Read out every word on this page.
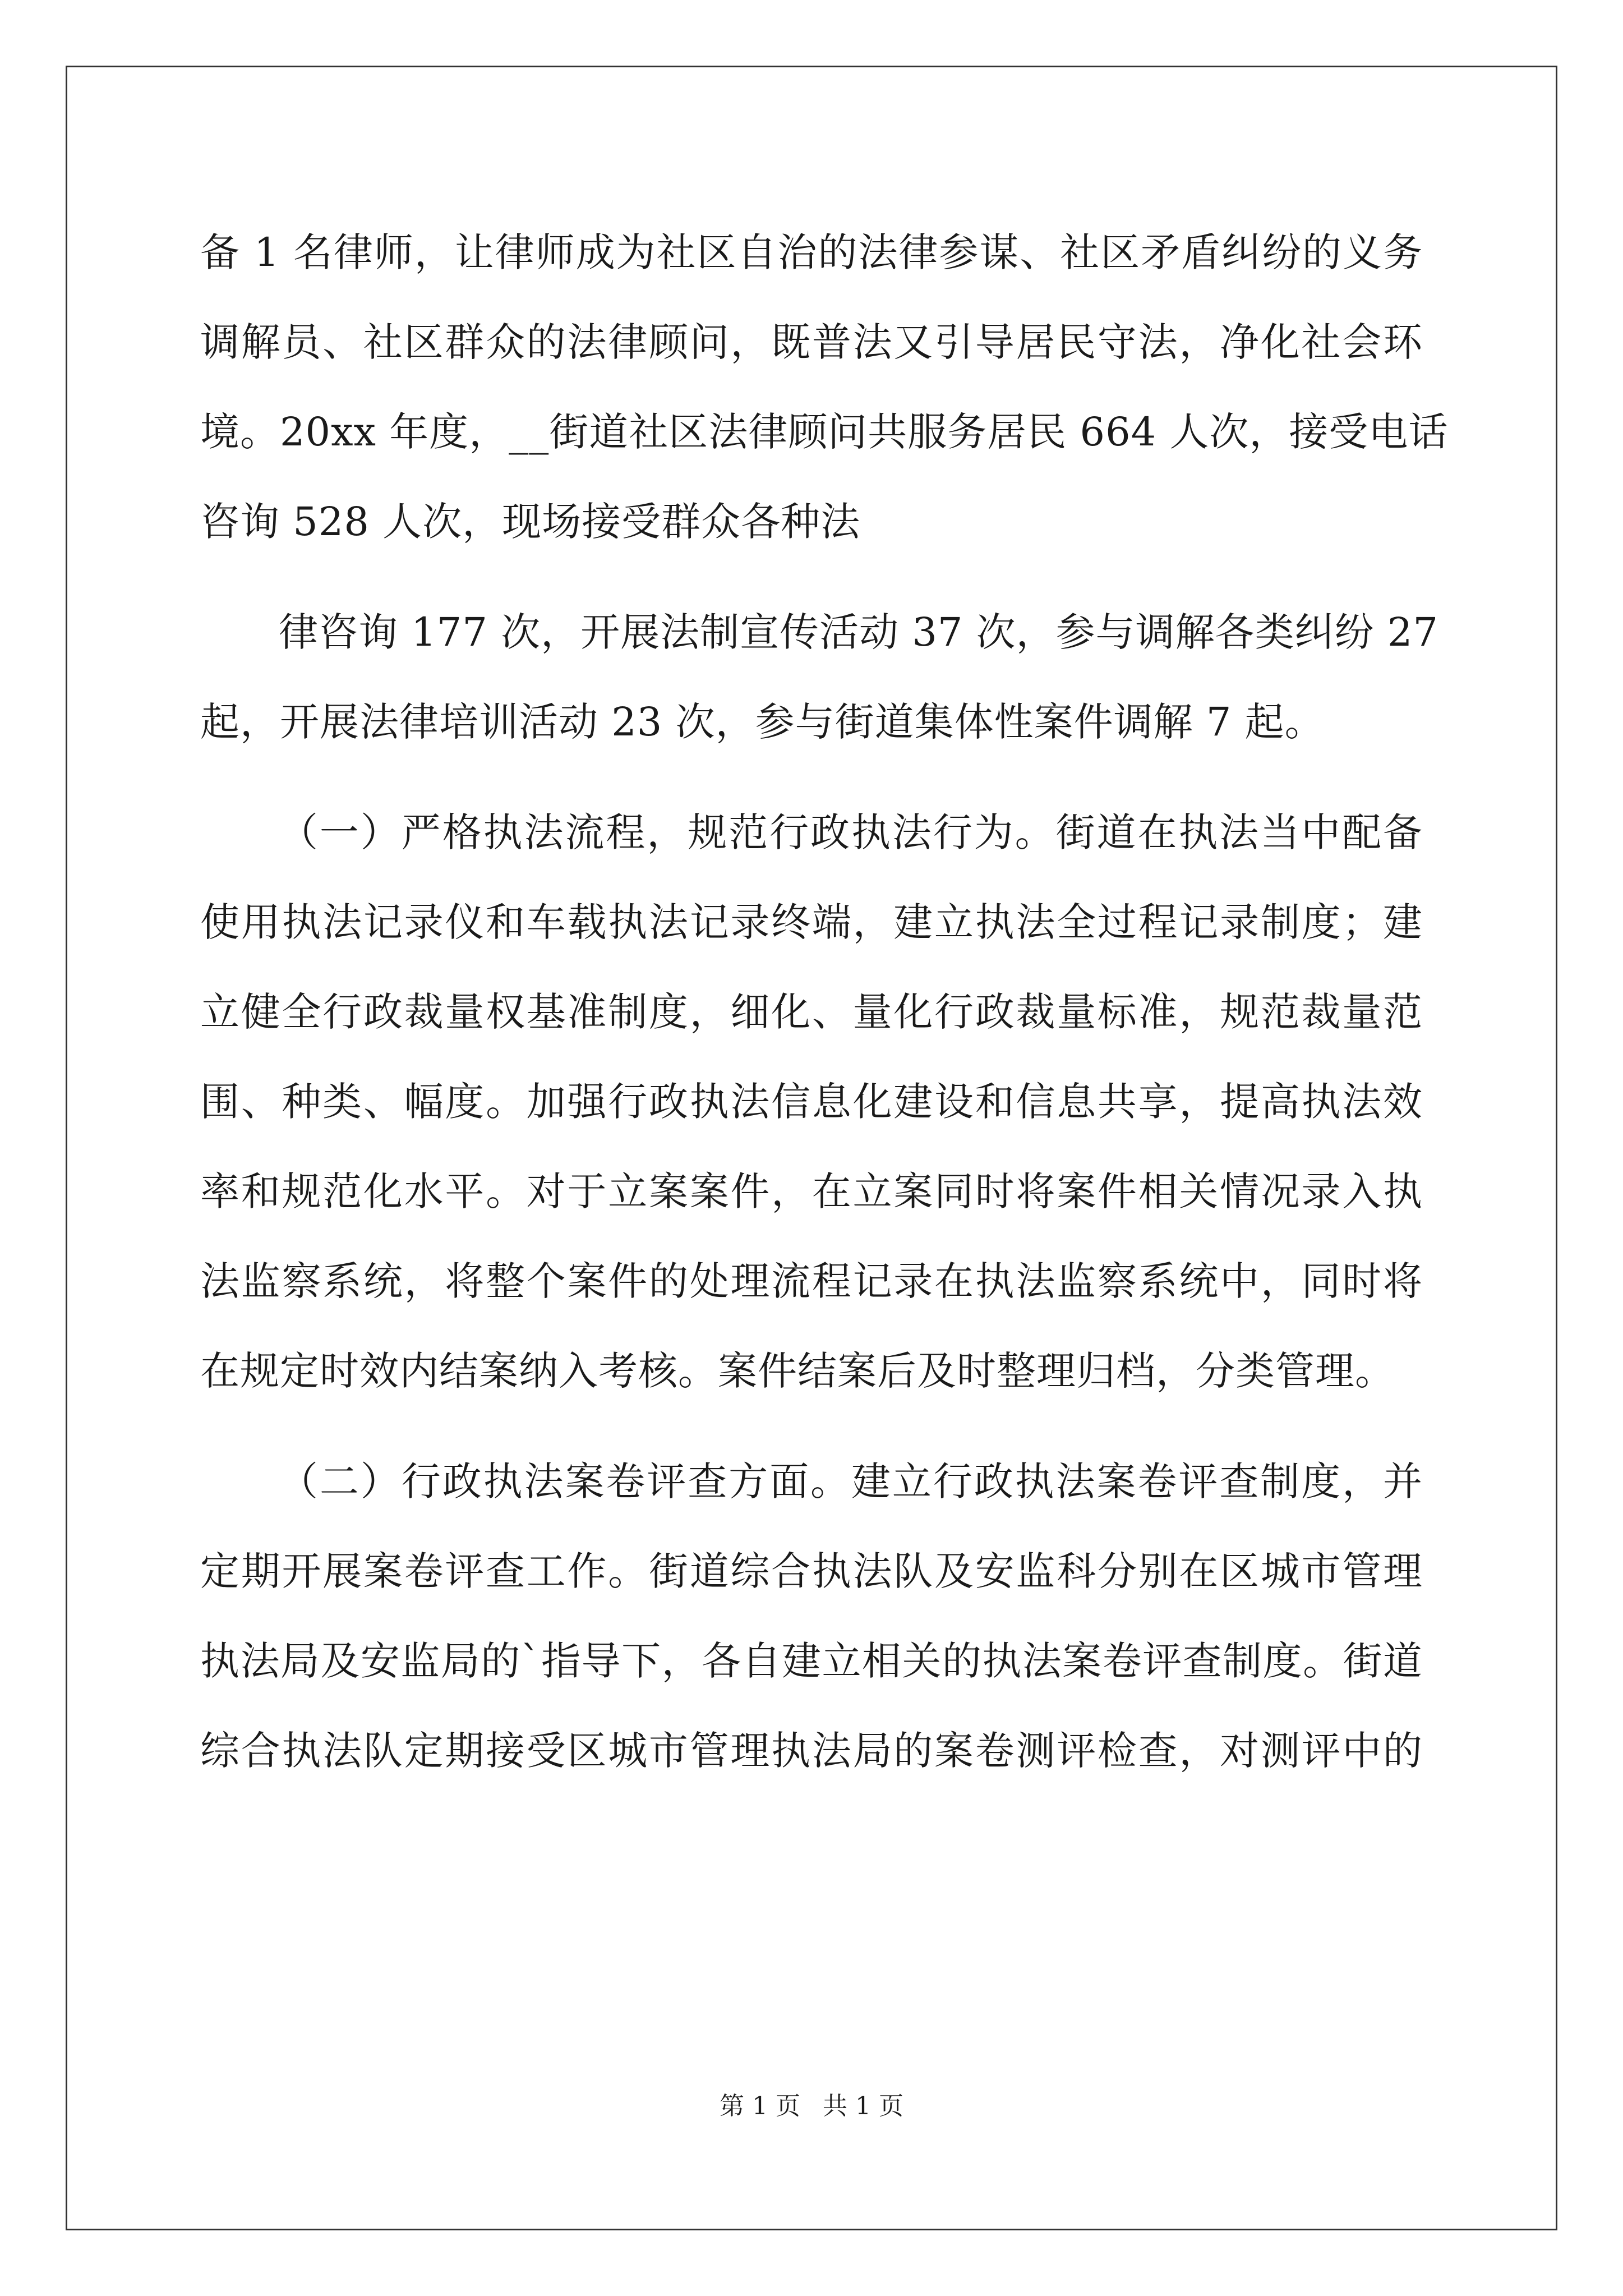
备 1 名律师，让律师成为社区自治的法律参谋、社区矛盾纠纷的义务
调解员、社区群众的法律顾问，既普法又引导居民守法，净化社会环
境。20xx 年度，__街道社区法律顾问共服务居民 664 人次，接受电话
咨询 528 人次，现场接受群众各种法
律咨询 177 次，开展法制宣传活动 37 次，参与调解各类纠纷 27
起，开展法律培训活动 23 次，参与街道集体性案件调解 7 起。
（一）严格执法流程，规范行政执法行为。街道在执法当中配备
使用执法记录仪和车载执法记录终端，建立执法全过程记录制度；建
立健全行政裁量权基准制度，细化、量化行政裁量标准，规范裁量范
围、种类、幅度。加强行政执法信息化建设和信息共享，提高执法效
率和规范化水平。对于立案案件，在立案同时将案件相关情况录入执
法监察系统，将整个案件的处理流程记录在执法监察系统中，同时将
在规定时效内结案纳入考核。案件结案后及时整理归档，分类管理。
（二）行政执法案卷评查方面。建立行政执法案卷评查制度，并
定期开展案卷评查工作。街道综合执法队及安监科分别在区城市管理
执法局及安监局的`指导下，各自建立相关的执法案卷评查制度。街道
综合执法队定期接受区城市管理执法局的案卷测评检查，对测评中的
第 1 页 共 1 页
